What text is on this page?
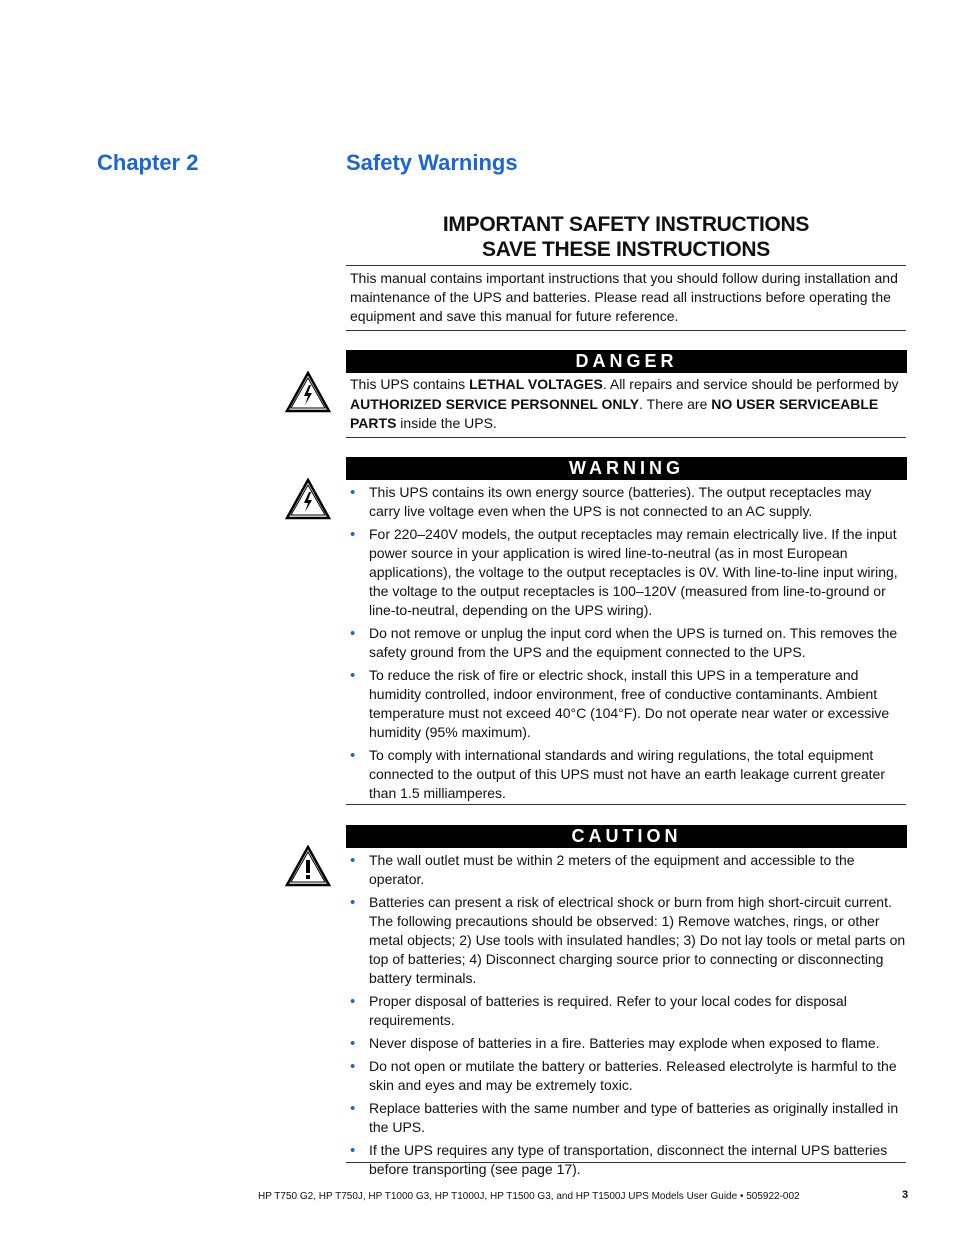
Chapter 2	Safety Warnings
IMPORTANT SAFETY INSTRUCTIONS
SAVE THESE INSTRUCTIONS

This manual contains important instructions that you should follow during installation and maintenance of the UPS and batteries. Please read all instructions before operating the equipment and save this manual for future reference.

DANGER

This UPS contains LETHAL VOLTAGES. All repairs and service should be performed by AUTHORIZED SERVICE PERSONNEL ONLY. There are NO USER SERVICEABLE PARTS inside the UPS.

WARNING
• This UPS contains its own energy source (batteries). The output receptacles may carry live voltage even when the UPS is not connected to an AC supply.
• For 220–240V models, the output receptacles may remain electrically live. If the input power source in your application is wired line-to-neutral (as in most European applications), the voltage to the output receptacles is 0V. With line-to-line input wiring, the voltage to the output receptacles is 100–120V (measured from line-to-ground or line-to-neutral, depending on the UPS wiring).
• Do not remove or unplug the input cord when the UPS is turned on. This removes the safety ground from the UPS and the equipment connected to the UPS.
• To reduce the risk of fire or electric shock, install this UPS in a temperature and humidity controlled, indoor environment, free of conductive contaminants. Ambient temperature must not exceed 40°C (104°F). Do not operate near water or excessive humidity (95% maximum).
• To comply with international standards and wiring regulations, the total equipment connected to the output of this UPS must not have an earth leakage current greater than 1.5 milliamperes.
CAUTION
• The wall outlet must be within 2 meters of the equipment and accessible to the operator.
• Batteries can present a risk of electrical shock or burn from high short-circuit current. The following precautions should be observed: 1) Remove watches, rings, or other metal objects; 2) Use tools with insulated handles; 3) Do not lay tools or metal parts on top of batteries; 4) Disconnect charging source prior to connecting or disconnecting battery terminals.
• Proper disposal of batteries is required. Refer to your local codes for disposal requirements.
• Never dispose of batteries in a fire. Batteries may explode when exposed to flame.
• Do not open or mutilate the battery or batteries. Released electrolyte is harmful to the skin and eyes and may be extremely toxic.
• Replace batteries with the same number and type of batteries as originally installed in the UPS.
• If the UPS requires any type of transportation, disconnect the internal UPS batteries before transporting (see page 17).
HP T750 G2, HP T750J, HP T1000 G3, HP T1000J, HP T1500 G3, and HP T1500J UPS Models User Guide • 505922-002	3
